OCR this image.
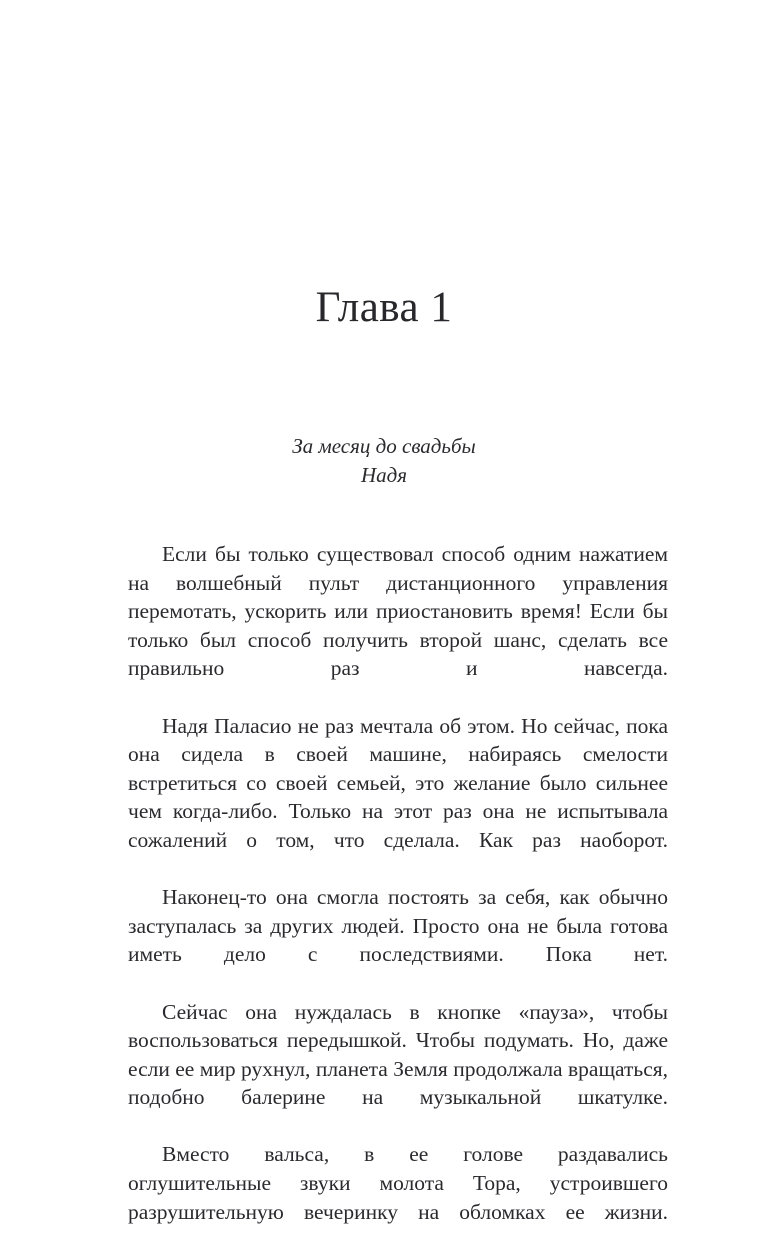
Глава 1
За месяц до свадьбы
Надя

Если бы только существовал способ одним нажатием на волшебный пульт дистанционного управления перемотать, ускорить или приостановить время! Если бы только был способ получить второй шанс, сделать все правильно раз и навсегда.

Надя Паласио не раз мечтала об этом. Но сейчас, пока она сидела в своей машине, набираясь смелости встретиться со своей семьей, это желание было сильнее чем когда-либо. Только на этот раз она не испытывала сожалений о том, что сделала. Как раз наоборот.

Наконец-то она смогла постоять за себя, как обычно заступалась за других людей. Просто она не была готова иметь дело с последствиями. Пока нет.

Сейчас она нуждалась в кнопке «пауза», чтобы воспользоваться передышкой. Чтобы подумать. Но, даже если ее мир рухнул, планета Земля продолжала вращаться, подобно балерине на музыкальной шкатулке.

Вместо вальса, в ее голове раздавались оглушительные звуки молота Тора, устроившего разрушительную вечеринку на обломках ее жизни.
